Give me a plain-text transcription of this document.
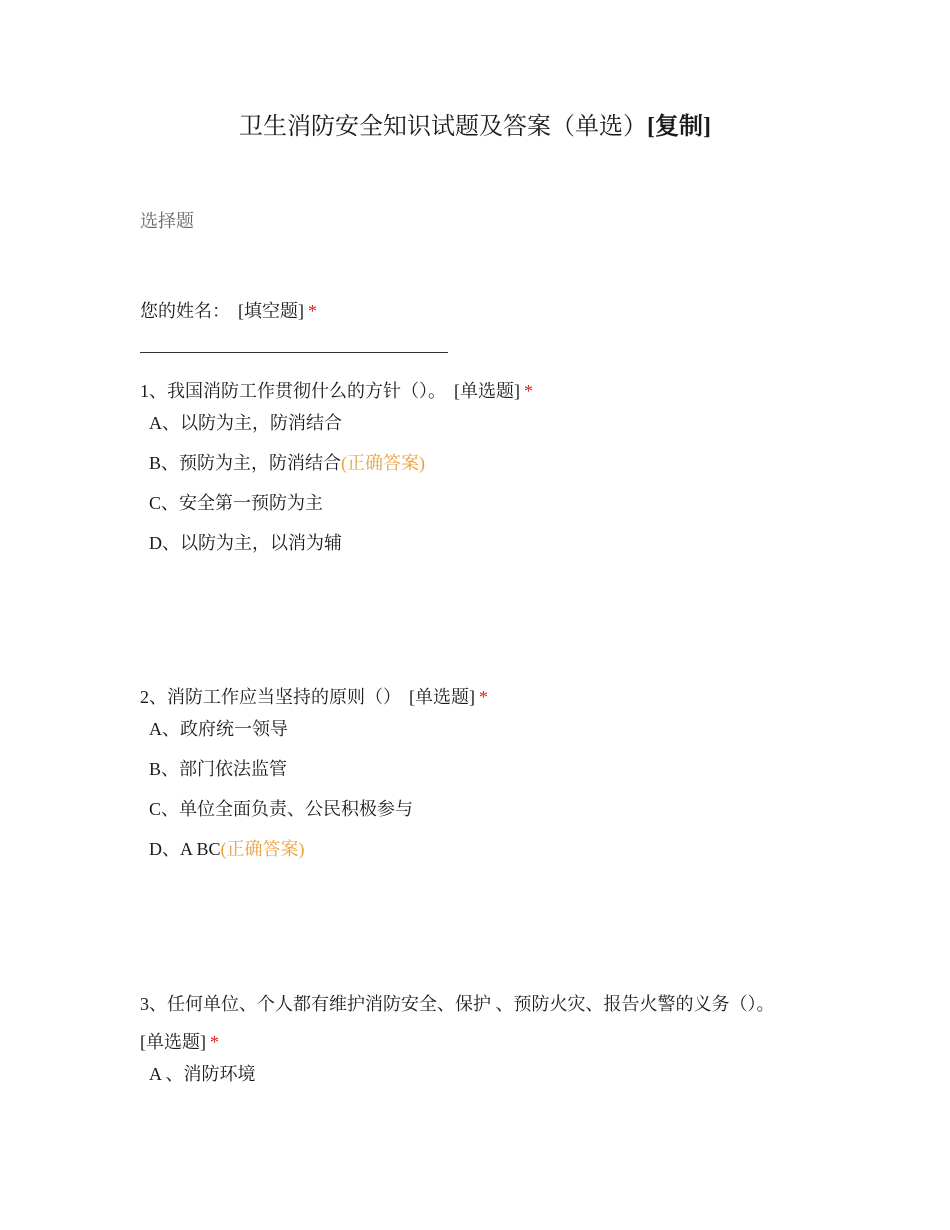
卫生消防安全知识试题及答案（单选）[复制]
选择题
您的姓名： [填空题] *
1、我国消防工作贯彻什么的方针（）。 [单选题] *
A、以防为主，防消结合
B、预防为主，防消结合(正确答案)
C、安全第一预防为主
D、以防为主，以消为辅
2、消防工作应当坚持的原则（） [单选题] *
A、政府统一领导
B、部门依法监管
C、单位全面负责、公民积极参与
D、A BC(正确答案)
3、任何单位、个人都有维护消防安全、保护 、预防火灾、报告火警的义务（）。
[单选题] *
A 、消防环境
